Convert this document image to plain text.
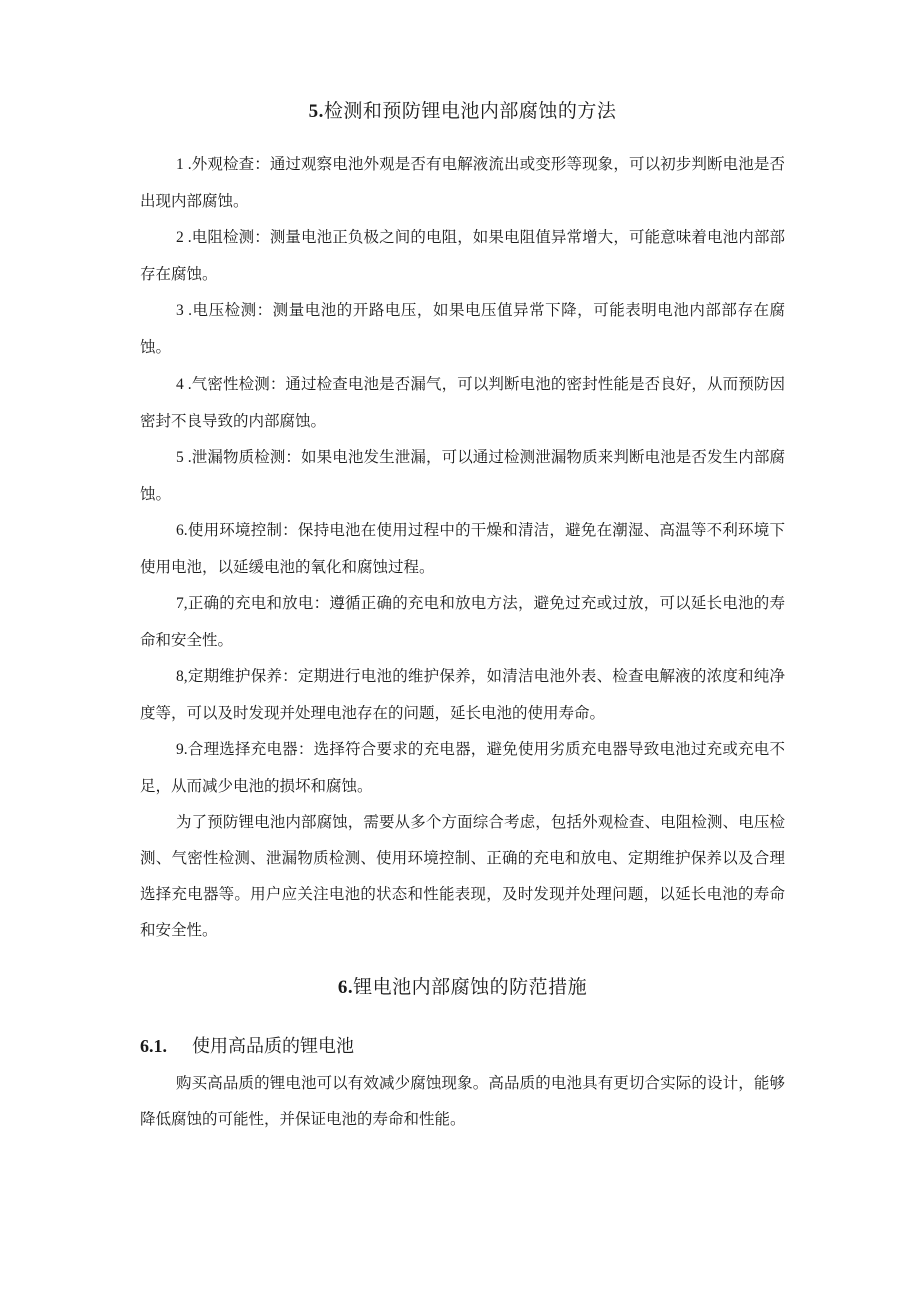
5.检测和预防锂电池内部腐蚀的方法

1 .外观检查：通过观察电池外观是否有电解液流出或变形等现象，可以初步判断电池是否出现内部腐蚀。

2 .电阻检测：测量电池正负极之间的电阻，如果电阻值异常增大，可能意味着电池内部部存在腐蚀。

3 .电压检测：测量电池的开路电压，如果电压值异常下降，可能表明电池内部部存在腐蚀。

4 .气密性检测：通过检查电池是否漏气，可以判断电池的密封性能是否良好，从而预防因密封不良导致的内部腐蚀。

5 .泄漏物质检测：如果电池发生泄漏，可以通过检测泄漏物质来判断电池是否发生内部腐蚀。

6.使用环境控制：保持电池在使用过程中的干燥和清洁，避免在潮湿、高温等不利环境下使用电池，以延缓电池的氧化和腐蚀过程。

7,正确的充电和放电：遵循正确的充电和放电方法，避免过充或过放，可以延长电池的寿命和安全性。

8,定期维护保养：定期进行电池的维护保养，如清洁电池外表、检查电解液的浓度和纯净度等，可以及时发现并处理电池存在的问题，延长电池的使用寿命。

9.合理选择充电器：选择符合要求的充电器，避免使用劣质充电器导致电池过充或充电不足，从而减少电池的损坏和腐蚀。

为了预防锂电池内部腐蚀，需要从多个方面综合考虑，包括外观检查、电阻检测、电压检测、气密性检测、泄漏物质检测、使用环境控制、正确的充电和放电、定期维护保养以及合理选择充电器等。用户应关注电池的状态和性能表现，及时发现并处理问题，以延长电池的寿命和安全性。

6.锂电池内部腐蚀的防范措施
6.1. 使用高品质的锂电池

购买高品质的锂电池可以有效减少腐蚀现象。高品质的电池具有更切合实际的设计，能够降低腐蚀的可能性，并保证电池的寿命和性能。
